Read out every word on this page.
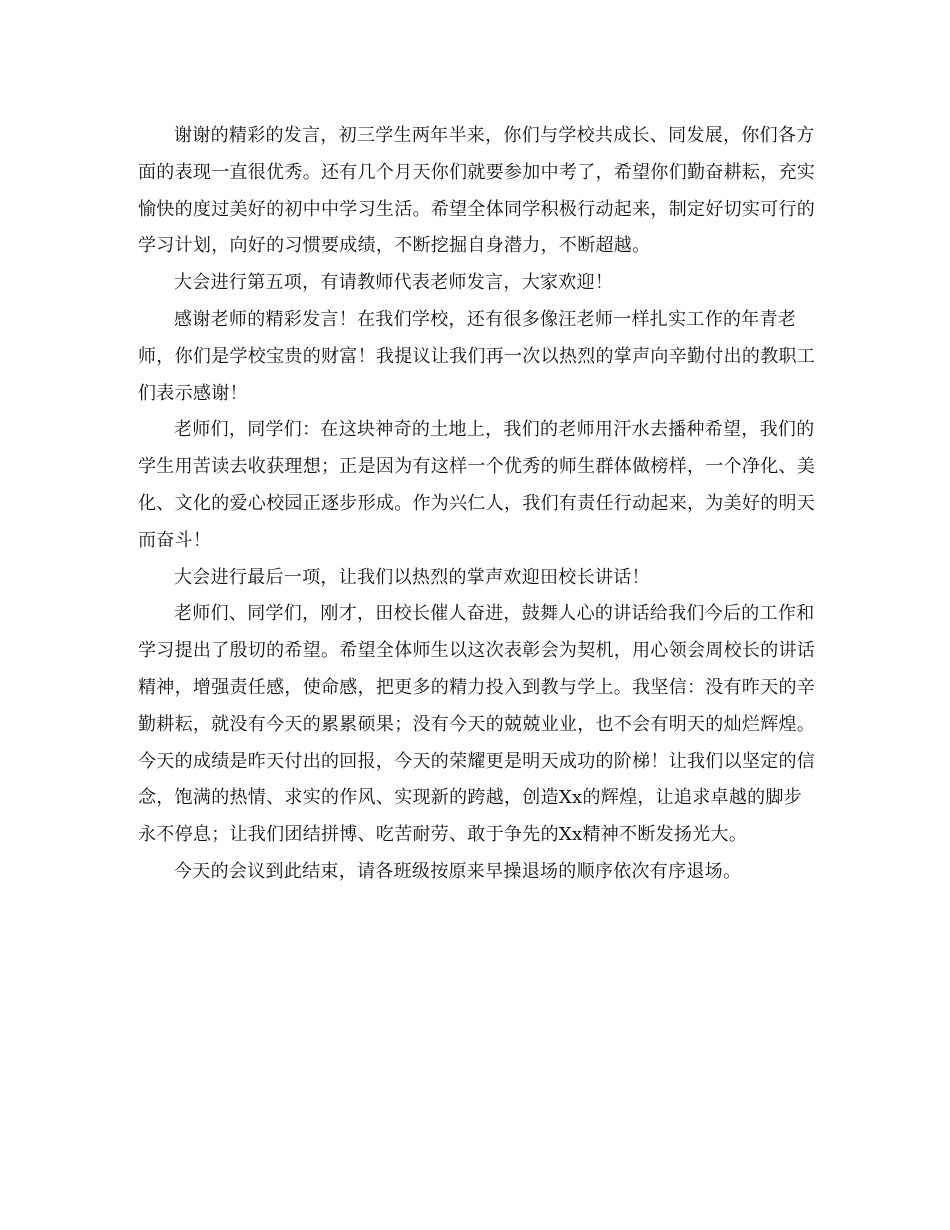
谢谢的精彩的发言，初三学生两年半来，你们与学校共成长、同发展，你们各方面的表现一直很优秀。还有几个月天你们就要参加中考了，希望你们勤奋耕耘，充实愉快的度过美好的初中中学习生活。希望全体同学积极行动起来，制定好切实可行的学习计划，向好的习惯要成绩，不断挖掘自身潜力，不断超越。

大会进行第五项，有请教师代表老师发言，大家欢迎！

感谢老师的精彩发言！在我们学校，还有很多像汪老师一样扎实工作的年青老师，你们是学校宝贵的财富！我提议让我们再一次以热烈的掌声向辛勤付出的教职工们表示感谢！

老师们，同学们：在这块神奇的土地上，我们的老师用汗水去播种希望，我们的学生用苦读去收获理想；正是因为有这样一个优秀的师生群体做榜样，一个净化、美化、文化的爱心校园正逐步形成。作为兴仁人，我们有责任行动起来，为美好的明天而奋斗！

大会进行最后一项，让我们以热烈的掌声欢迎田校长讲话！

老师们、同学们，刚才，田校长催人奋进，鼓舞人心的讲话给我们今后的工作和学习提出了殷切的希望。希望全体师生以这次表彰会为契机，用心领会周校长的讲话精神，增强责任感，使命感，把更多的精力投入到教与学上。我坚信：没有昨天的辛勤耕耘，就没有今天的累累硕果；没有今天的兢兢业业，也不会有明天的灿烂辉煌。今天的成绩是昨天付出的回报，今天的荣耀更是明天成功的阶梯！让我们以坚定的信念，饱满的热情、求实的作风、实现新的跨越，创造Xx的辉煌，让追求卓越的脚步永不停息；让我们团结拼博、吃苦耐劳、敢于争先的Xx精神不断发扬光大。

今天的会议到此结束，请各班级按原来早操退场的顺序依次有序退场。
